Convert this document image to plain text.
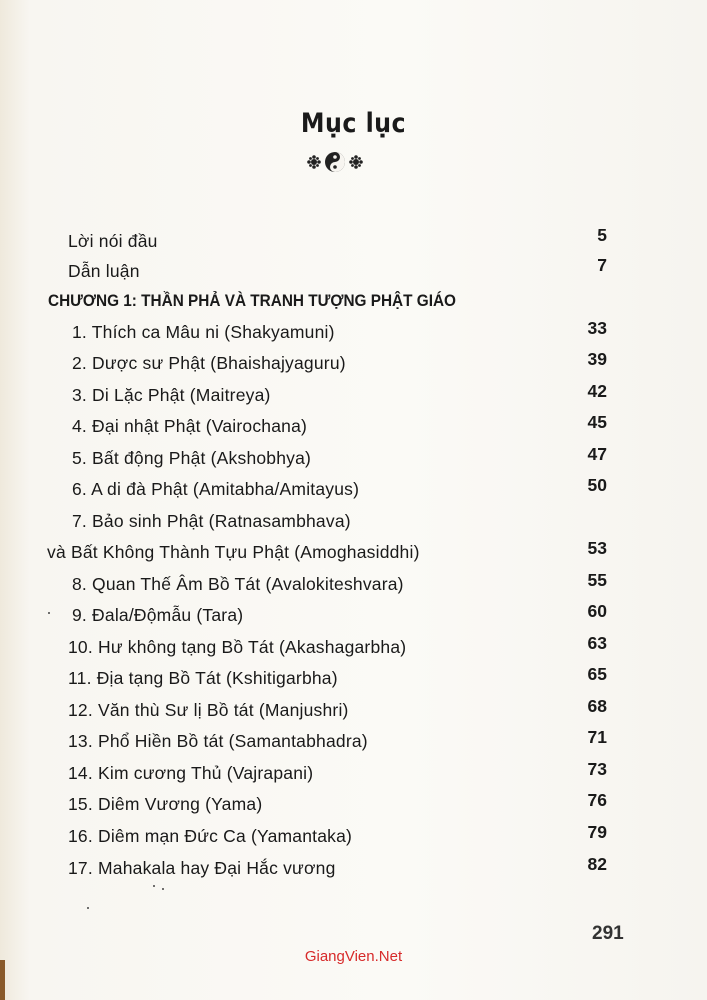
Mục lục
Lời nói đầu	5
Dẫn luận	7
CHƯƠNG 1: THẦN PHẢ VÀ TRANH TƯỢNG PHẬT GIÁO
1. Thích ca Mâu ni (Shakyamuni)	33
2. Dược sư Phật (Bhaishajyaguru)	39
3. Di Lặc Phật (Maitreya)	42
4. Đại nhật Phật (Vairochana)	45
5. Bất động Phật (Akshobhya)	47
6. A di đà Phật (Amitabha/Amitayus)	50
7. Bảo sinh Phật (Ratnasambhava)
và Bất Không Thành Tựu Phật (Amoghasiddhi)	53
8. Quan Thế Âm Bồ Tát (Avalokiteshvara)	55
9. Đala/Độmẫu (Tara)	60
10. Hư không tạng Bồ Tát (Akashagarbha)	63
11. Địa tạng Bồ Tát (Kshitigarbha)	65
12. Văn thù Sư lị Bồ tát (Manjushri)	68
13. Phổ Hiền Bồ tát (Samantabhadra)	71
14. Kim cương Thủ (Vajrapani)	73
15. Diêm Vương (Yama)	76
16. Diêm mạn Đức Ca (Yamantaka)	79
17. Mahakala hay Đại Hắc vương	82
291
GiangVien.Net
